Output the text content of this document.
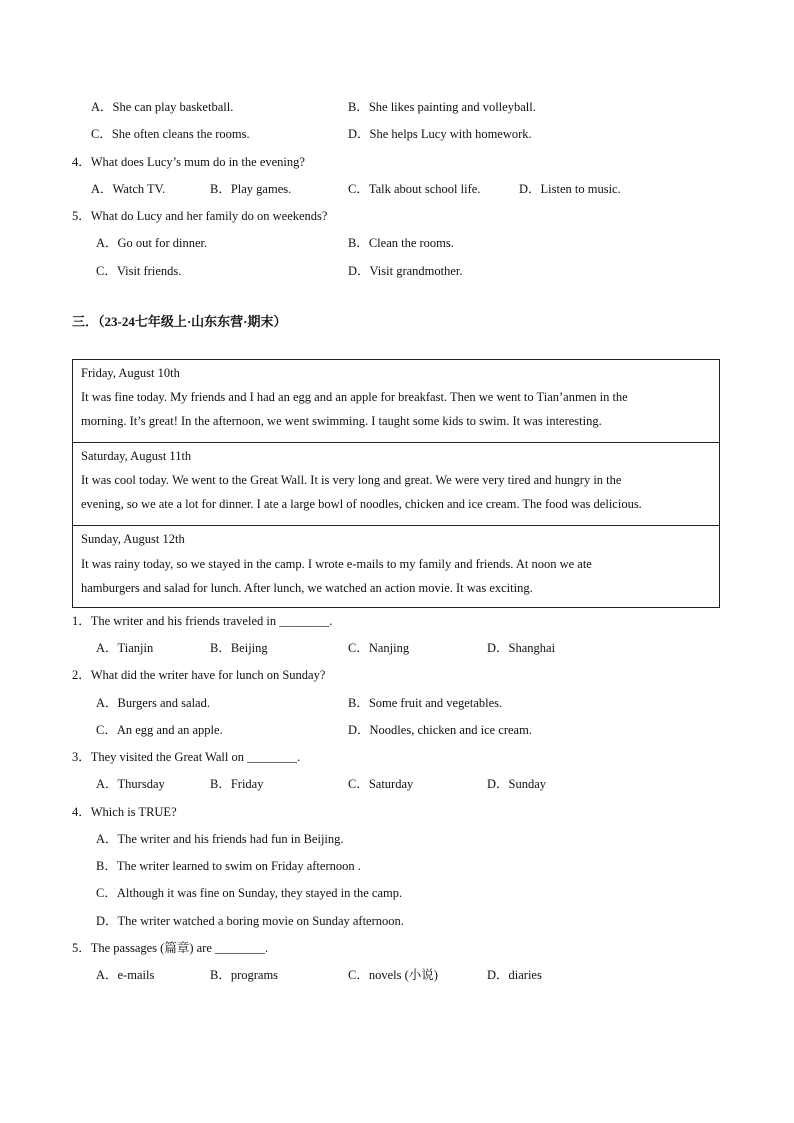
A．She can play basketball.	B．She likes painting and volleyball.
C．She often cleans the rooms.	D．She helps Lucy with homework.
4．What does Lucy’s mum do in the evening?
A．Watch TV.	B．Play games.	C．Talk about school life.	D．Listen to music.
5．What do Lucy and her family do on weekends?
A．Go out for dinner.	B．Clean the rooms.
C．Visit friends.	D．Visit grandmother.
三．（23-24七年级上·山东东营·期末）
Friday, August 10th
It was fine today. My friends and I had an egg and an apple for breakfast. Then we went to Tian’anmen in the
morning. It’s great! In the afternoon, we went swimming. I taught some kids to swim. It was interesting.
Saturday, August 11th
It was cool today. We went to the Great Wall. It is very long and great. We were very tired and hungry in the
evening, so we ate a lot for dinner. I ate a large bowl of noodles, chicken and ice cream. The food was delicious.
Sunday, August 12th
It was rainy today, so we stayed in the camp. I wrote e-mails to my family and friends. At noon we ate
hamburgers and salad for lunch. After lunch, we watched an action movie. It was exciting.
1．The writer and his friends traveled in ________.
A．Tianjin	B．Beijing	C．Nanjing	D．Shanghai
2．What did the writer have for lunch on Sunday?
A．Burgers and salad.	B．Some fruit and vegetables.
C．An egg and an apple.	D．Noodles, chicken and ice cream.
3．They visited the Great Wall on ________.
A．Thursday	B．Friday	C．Saturday	D．Sunday
4．Which is TRUE?
A．The writer and his friends had fun in Beijing.
B．The writer learned to swim on Friday afternoon .
C．Although it was fine on Sunday, they stayed in the camp.
D．The writer watched a boring movie on Sunday afternoon.
5．The passages (篇章) are ________.
A．e-mails	B．programs	C．novels (小说)	D．diaries
